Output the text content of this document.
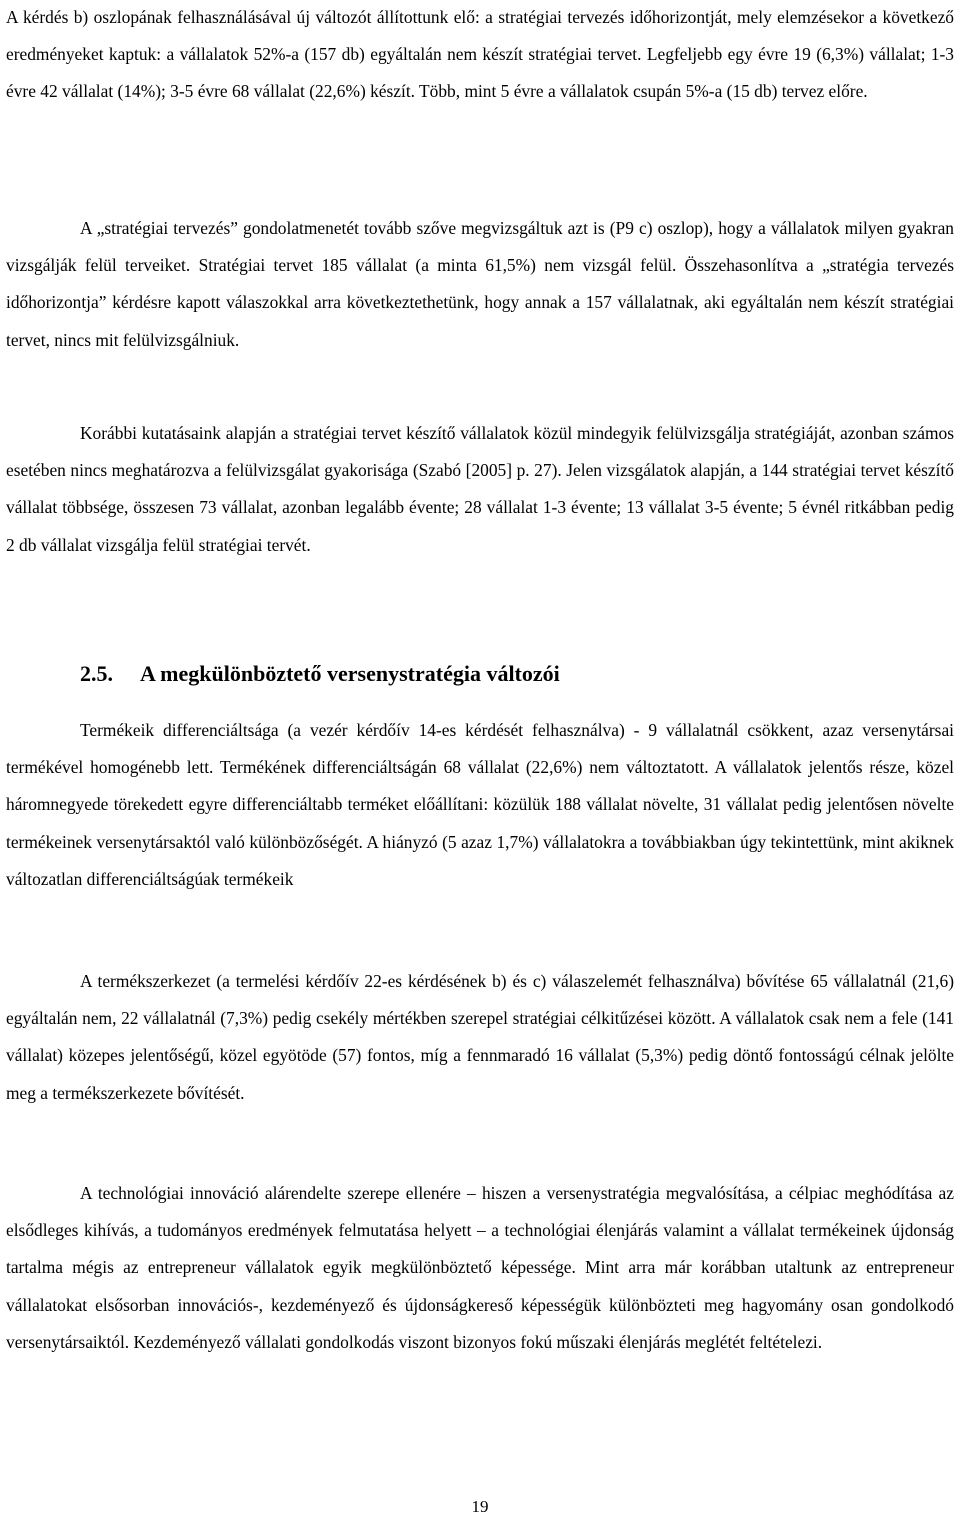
A kérdés b) oszlopának felhasználásával új változót állítottunk elő: a stratégiai tervezés időhorizontját, mely elemzésekor a következő eredményeket kaptuk: a vállalatok 52%-a (157 db) egyáltalán nem készít stratégiai tervet. Legfeljebb egy évre 19 (6,3%) vállalat; 1-3 évre 42 vállalat (14%); 3-5 évre 68 vállalat (22,6%) készít. Több, mint 5 évre a vállalatok csupán 5%-a (15 db) tervez előre.

A „stratégiai tervezés” gondolatmenetét tovább szőve megvizsgáltuk azt is (P9 c) oszlop), hogy a vállalatok milyen gyakran vizsgálják felül terveiket. Stratégiai tervet 185 vállalat (a minta 61,5%) nem vizsgál felül. Összehasonlítva a „stratégia tervezés időhorizontja” kérdésre kapott válaszokkal arra következtethetünk, hogy annak a 157 vállalatnak, aki egyáltalán nem készít stratégiai tervet, nincs mit felülvizsgálniuk.

Korábbi kutatásaink alapján a stratégiai tervet készítő vállalatok közül mindegyik felülvizsgálja stratégiáját, azonban számos esetében nincs meghatározva a felülvizsgálat gyakorisága (Szabó [2005] p. 27). Jelen vizsgálatok alapján, a 144 stratégiai tervet készítő vállalat többsége, összesen 73 vállalat, azonban legalább évente; 28 vállalat 1-3 évente; 13 vállalat 3-5 évente; 5 évnél ritkábban pedig 2 db vállalat vizsgálja felül stratégiai tervét.

2.5. A megkülönböztető versenystratégia változói

Termékeik differenciáltsága (a vezér kérdőív 14-es kérdését felhasználva) - 9 vállalatnál csökkent, azaz versenytársai termékével homogénebb lett. Termékének differenciáltságán 68 vállalat (22,6%) nem változtatott. A vállalatok jelentős része, közel háromnegyede törekedett egyre differenciáltabb terméket előállítani: közülük 188 vállalat növelte, 31 vállalat pedig jelentősen növelte termékeinek versenytársaktól való különbözőségét. A hiányzó (5 azaz 1,7%) vállalatokra a továbbiakban úgy tekintettünk, mint akiknek változatlan differenciáltságúak termékeik

A termékszerkezet (a termelési kérdőív 22-es kérdésének b) és c) válaszelemét felhasználva) bővítése 65 vállalatnál (21,6) egyáltalán nem, 22 vállalatnál (7,3%) pedig csekély mértékben szerepel stratégiai célkitűzései között. A vállalatok csak nem a fele (141 vállalat) közepes jelentőségű, közel egyötöde (57) fontos, míg a fennmaradó 16 vállalat (5,3%) pedig döntő fontosságú célnak jelölte meg a termékszerkezete bővítését.

A technológiai innováció alárendelte szerepe ellenére – hiszen a versenystratégia megvalósítása, a célpiac meghódítása az elsődleges kihívás, a tudományos eredmények felmutatása helyett – a technológiai élenjárás valamint a vállalat termékeinek újdonság tartalma mégis az entrepreneur vállalatok egyik megkülönböztető képessége. Mint arra már korábban utaltunk az entrepreneur vállalatokat elsősorban innovációs-, kezdeményező és újdonságkereső képességük különbözteti meg hagyomány osan gondolkodó versenytársaiktól. Kezdeményező vállalati gondolkodás viszont bizonyos fokú műszaki élenjárás meglétét feltételezi.

19
